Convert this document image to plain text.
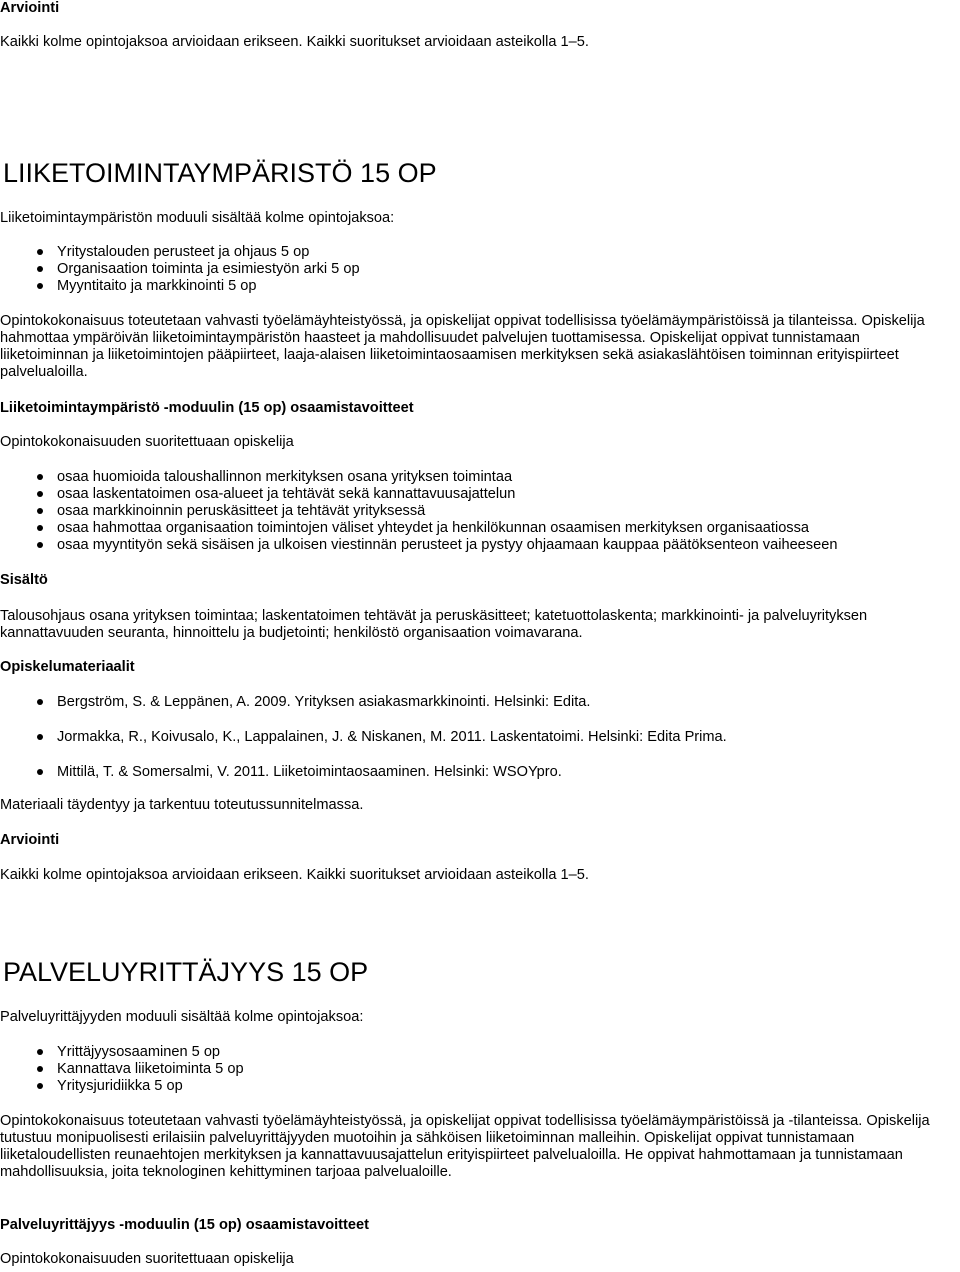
Arviointi

Kaikki kolme opintojaksoa arvioidaan erikseen. Kaikki suoritukset arvioidaan asteikolla 1–5.

LIIKETOIMINTAYMPÄRISTÖ 15 OP

Liiketoimintaympäristön moduuli sisältää kolme opintojaksoa:

Yritystalouden perusteet ja ohjaus 5 op
Organisaation toiminta ja esimiestyön arki 5 op
Myyntitaito ja markkinointi 5 op

Opintokokonaisuus toteutetaan vahvasti työelämäyhteistyössä, ja opiskelijat oppivat todellisissa työelämäympäristöissä ja tilanteissa. Opiskelija

hahmottaa ympäröivän liiketoimintaympäristön haasteet ja mahdollisuudet palvelujen tuottamisessa. Opiskelijat oppivat tunnistamaan

liiketoiminnan ja liiketoimintojen pääpiirteet, laaja-alaisen liiketoimintaosaamisen merkityksen sekä asiakaslähtöisen toiminnan erityispiirteet

palvelualoilla.

Liiketoimintaympäristö -moduulin (15 op) osaamistavoitteet

Opintokokonaisuuden suoritettuaan opiskelija

osaa huomioida taloushallinnon merkityksen osana yrityksen toimintaa
osaa laskentatoimen osa-alueet ja tehtävät sekä kannattavuusajattelun
osaa markkinoinnin peruskäsitteet ja tehtävät yrityksessä
osaa hahmottaa organisaation toimintojen väliset yhteydet ja henkilökunnan osaamisen merkityksen organisaatiossa
osaa myyntityön sekä sisäisen ja ulkoisen viestinnän perusteet ja pystyy ohjaamaan kauppaa päätöksenteon vaiheeseen

Sisältö

Talousohjaus osana yrityksen toimintaa; laskentatoimen tehtävät ja peruskäsitteet; katetuottolaskenta; markkinointi- ja palveluyrityksen

kannattavuuden seuranta, hinnoittelu ja budjetointi; henkilöstö organisaation voimavarana.

Opiskelumateriaalit

Bergström, S. & Leppänen, A. 2009. Yrityksen asiakasmarkkinointi. Helsinki: Edita.
Jormakka, R., Koivusalo, K., Lappalainen, J. & Niskanen, M. 2011. Laskentatoimi. Helsinki: Edita Prima.
Mittilä, T. & Somersalmi, V. 2011. Liiketoimintaosaaminen. Helsinki: WSOYpro.

Materiaali täydentyy ja tarkentuu toteutussunnitelmassa.

Arviointi

Kaikki kolme opintojaksoa arvioidaan erikseen. Kaikki suoritukset arvioidaan asteikolla 1–5.

PALVELUYRITTÄJYYS 15 OP

Palveluyrittäjyyden moduuli sisältää kolme opintojaksoa:

Yrittäjyysosaaminen 5 op
Kannattava liiketoiminta 5 op
Yritysjuridiikka 5 op

Opintokokonaisuus toteutetaan vahvasti työelämäyhteistyössä, ja opiskelijat oppivat todellisissa työelämäympäristöissä ja -tilanteissa. Opiskelija

tutustuu monipuolisesti erilaisiin palveluyrittäjyyden muotoihin ja sähköisen liiketoiminnan malleihin. Opiskelijat oppivat tunnistamaan

liiketaloudellisten reunaehtojen merkityksen ja kannattavuusajattelun erityispiirteet palvelualoilla. He oppivat hahmottamaan ja tunnistamaan

mahdollisuuksia, joita teknologinen kehittyminen tarjoaa palvelualoille.

Palveluyrittäjyys -moduulin (15 op) osaamistavoitteet

Opintokokonaisuuden suoritettuaan opiskelija
